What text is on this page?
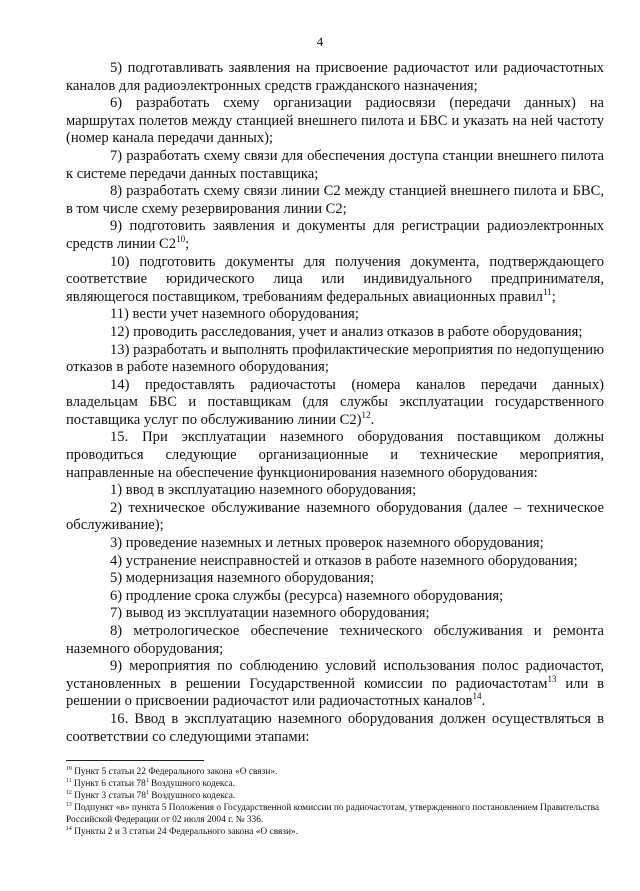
4

5) подготавливать заявления на присвоение радиочастот или радиочастотных каналов для радиоэлектронных средств гражданского назначения;

6) разработать схему организации радиосвязи (передачи данных) на маршрутах полетов между станцией внешнего пилота и БВС и указать на ней частоту (номер канала передачи данных);

7) разработать схему связи для обеспечения доступа станции внешнего пилота к системе передачи данных поставщика;

8) разработать схему связи линии С2 между станцией внешнего пилота и БВС, в том числе схему резервирования линии С2;

9) подготовить заявления и документы для регистрации радиоэлектронных средств линии $С2^{10}$;

10) подготовить документы для получения документа, подтверждающего соответствие юридического лица или индивидуального предпринимателя, являющегося поставщиком, требованиям федеральных авиационных правил$^{11}$;

11) вести учет наземного оборудования;

12) проводить расследования, учет и анализ отказов в работе оборудования;

13) разработать и выполнять профилактические мероприятия по недопущению отказов в работе наземного оборудования;

14) предоставлять радиочастоты (номера каналов передачи данных) владельцам БВС и поставщикам (для службы эксплуатации государственного поставщика услуг по обслуживанию линии С2)$^{12}$.

15. При эксплуатации наземного оборудования поставщиком должны проводиться следующие организационные и технические мероприятия, направленные на обеспечение функционирования наземного оборудования:

1) ввод в эксплуатацию наземного оборудования;

2) техническое обслуживание наземного оборудования (далее – техническое обслуживание);

3) проведение наземных и летных проверок наземного оборудования;

4) устранение неисправностей и отказов в работе наземного оборудования;

5) модернизация наземного оборудования;

6) продление срока службы (ресурса) наземного оборудования;

7) вывод из эксплуатации наземного оборудования;

8) метрологическое обеспечение технического обслуживания и ремонта наземного оборудования;

9) мероприятия по соблюдению условий использования полос радиочастот, установленных в решении Государственной комиссии по радиочастотам$^{13}$ или в решении о присвоении радиочастот или радиочастотных каналов$^{14}$.

16. Ввод в эксплуатацию наземного оборудования должен осуществляться в соответствии со следующими этапами:

$^{10}$ Пункт 5 статьи 22 Федерального закона «О связи».

$^{11}$ Пункт 6 статьи $78^1$ Воздушного кодекса.

$^{12}$ Пункт 3 статьи $78^1$ Воздушного кодекса.

$^{13}$ Подпункт «в» пункта 5 Положения о Государственной комиссии по радиочастотам, утвержденного постановлением Правительства Российской Федерации от 02 июля 2004 г. № 336.

$^{14}$ Пункты 2 и 3 статьи 24 Федерального закона «О связи».
